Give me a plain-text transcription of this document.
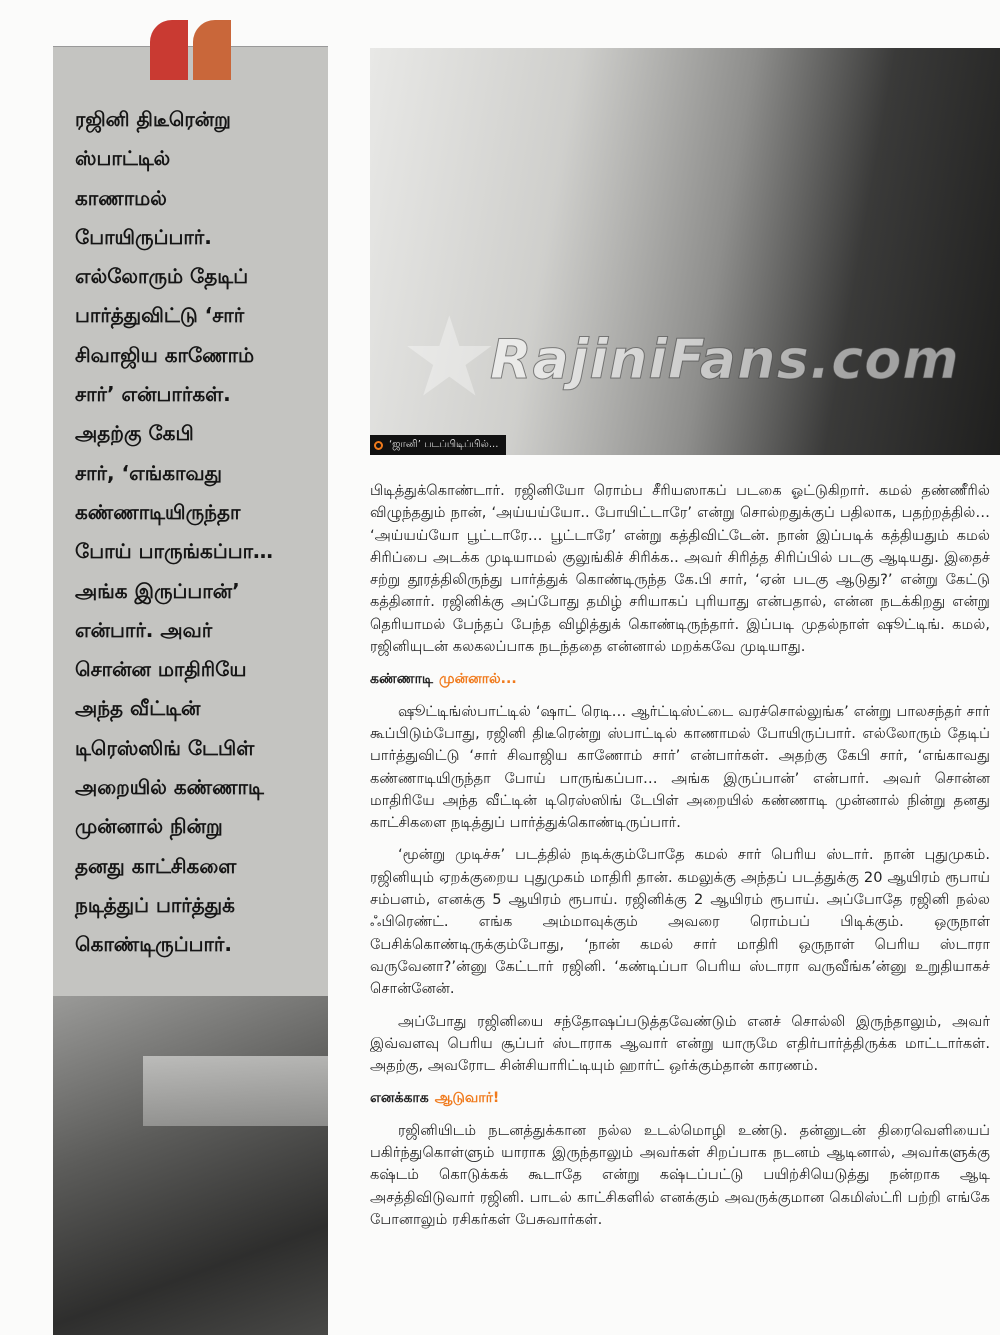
ரஜினி திடீரென்று
ஸ்பாட்டில்
காணாமல்
போயிருப்பார்.
எல்லோரும் தேடிப்
பார்த்துவிட்டு ‘சார்
சிவாஜிய காணோம்
சார்’ என்பார்கள்.
அதற்கு கேபி
சார், ‘எங்காவது
கண்ணாடியிருந்தா
போய் பாருங்கப்பா…
அங்க இருப்பான்’
என்பார். அவர்
சொன்ன மாதிரியே
அந்த வீட்டின்
டிரெஸ்ஸிங் டேபிள்
அறையில் கண்ணாடி
முன்னால் நின்று
தனது காட்சிகளை
நடித்துப் பார்த்துக்
கொண்டிருப்பார்.
★
RajiniFans.com
‘ஜானி’ படப்பிடிப்பில்...

பிடித்துக்கொண்டார். ரஜினியோ ரொம்ப சீரியஸாகப் படகை ஓட்டுகிறார். கமல் தண்ணீரில் விழுந்ததும் நான், ‘அய்யய்யோ.. போயிட்டாரே’ என்று சொல்றதுக்குப் பதிலாக, பதற்றத்தில்… ‘அய்யய்யோ பூட்டாரே… பூட்டாரே’ என்று கத்திவிட்டேன். நான் இப்படிக் கத்தியதும் கமல் சிரிப்பை அடக்க முடியாமல் குலுங்கிச் சிரிக்க.. அவர் சிரித்த சிரிப்பில் படகு ஆடியது. இதைச் சற்று தூரத்திலிருந்து பார்த்துக் கொண்டிருந்த கே.பி சார், ‘ஏன் படகு ஆடுது?’ என்று கேட்டு கத்தினார். ரஜினிக்கு அப்போது தமிழ் சரியாகப் புரியாது என்பதால், என்ன நடக்கிறது என்று தெரியாமல் பேந்தப் பேந்த விழித்துக் கொண்டிருந்தார். இப்படி முதல்நாள் ஷூட்டிங். கமல், ரஜினியுடன் கலகலப்பாக நடந்ததை என்னால் மறக்கவே முடியாது.

கண்ணாடி முன்னால்...

ஷூட்டிங்ஸ்பாட்டில் ‘ஷாட் ரெடி… ஆர்ட்டிஸ்ட்டை வரச்சொல்லுங்க’ என்று பாலசந்தர் சார் கூப்பிடும்போது, ரஜினி திடீரென்று ஸ்பாட்டில் காணாமல் போயிருப்பார். எல்லோரும் தேடிப் பார்த்துவிட்டு ‘சார் சிவாஜிய காணோம் சார்’ என்பார்கள். அதற்கு கேபி சார், ‘எங்காவது கண்ணாடியிருந்தா போய் பாருங்கப்பா… அங்க இருப்பான்’ என்பார். அவர் சொன்ன மாதிரியே அந்த வீட்டின் டிரெஸ்ஸிங் டேபிள் அறையில் கண்ணாடி முன்னால் நின்று தனது காட்சிகளை நடித்துப் பார்த்துக்கொண்டிருப்பார்.

‘மூன்று முடிச்சு’ படத்தில் நடிக்கும்போதே கமல் சார் பெரிய ஸ்டார். நான் புதுமுகம். ரஜினியும் ஏறக்குறைய புதுமுகம் மாதிரி தான். கமலுக்கு அந்தப் படத்துக்கு 20 ஆயிரம் ரூபாய் சம்பளம், எனக்கு 5 ஆயிரம் ரூபாய். ரஜினிக்கு 2 ஆயிரம் ரூபாய். அப்போதே ரஜினி நல்ல ஃபிரெண்ட். எங்க அம்மாவுக்கும் அவரை ரொம்பப் பிடிக்கும். ஒருநாள் பேசிக்கொண்டிருக்கும்போது, ‘நான் கமல் சார் மாதிரி ஒருநாள் பெரிய ஸ்டாரா வருவேனா?’ன்னு கேட்டார் ரஜினி. ‘கண்டிப்பா பெரிய ஸ்டாரா வருவீங்க’ன்னு உறுதியாகச் சொன்னேன்.

அப்போது ரஜினியை சந்தோஷப்படுத்தவேண்டும் எனச் சொல்லி இருந்தாலும், அவர் இவ்வளவு பெரிய சூப்பர் ஸ்டாராக ஆவார் என்று யாருமே எதிர்பார்த்திருக்க மாட்டார்கள். அதற்கு, அவரோட சின்சியாரிட்டியும் ஹார்ட் ஒர்க்கும்தான் காரணம்.

எனக்காக ஆடுவார்!

ரஜினியிடம் நடனத்துக்கான நல்ல உடல்மொழி உண்டு. தன்னுடன் திரைவெளியைப் பகிர்ந்துகொள்ளும் யாராக இருந்தாலும் அவர்கள் சிறப்பாக நடனம் ஆடினால், அவர்களுக்கு கஷ்டம் கொடுக்கக் கூடாதே என்று கஷ்டப்பட்டு பயிற்சியெடுத்து நன்றாக ஆடி அசத்திவிடுவார் ரஜினி. பாடல் காட்சிகளில் எனக்கும் அவருக்குமான கெமிஸ்ட்ரி பற்றி எங்கே போனாலும் ரசிகர்கள் பேசுவார்கள்.
